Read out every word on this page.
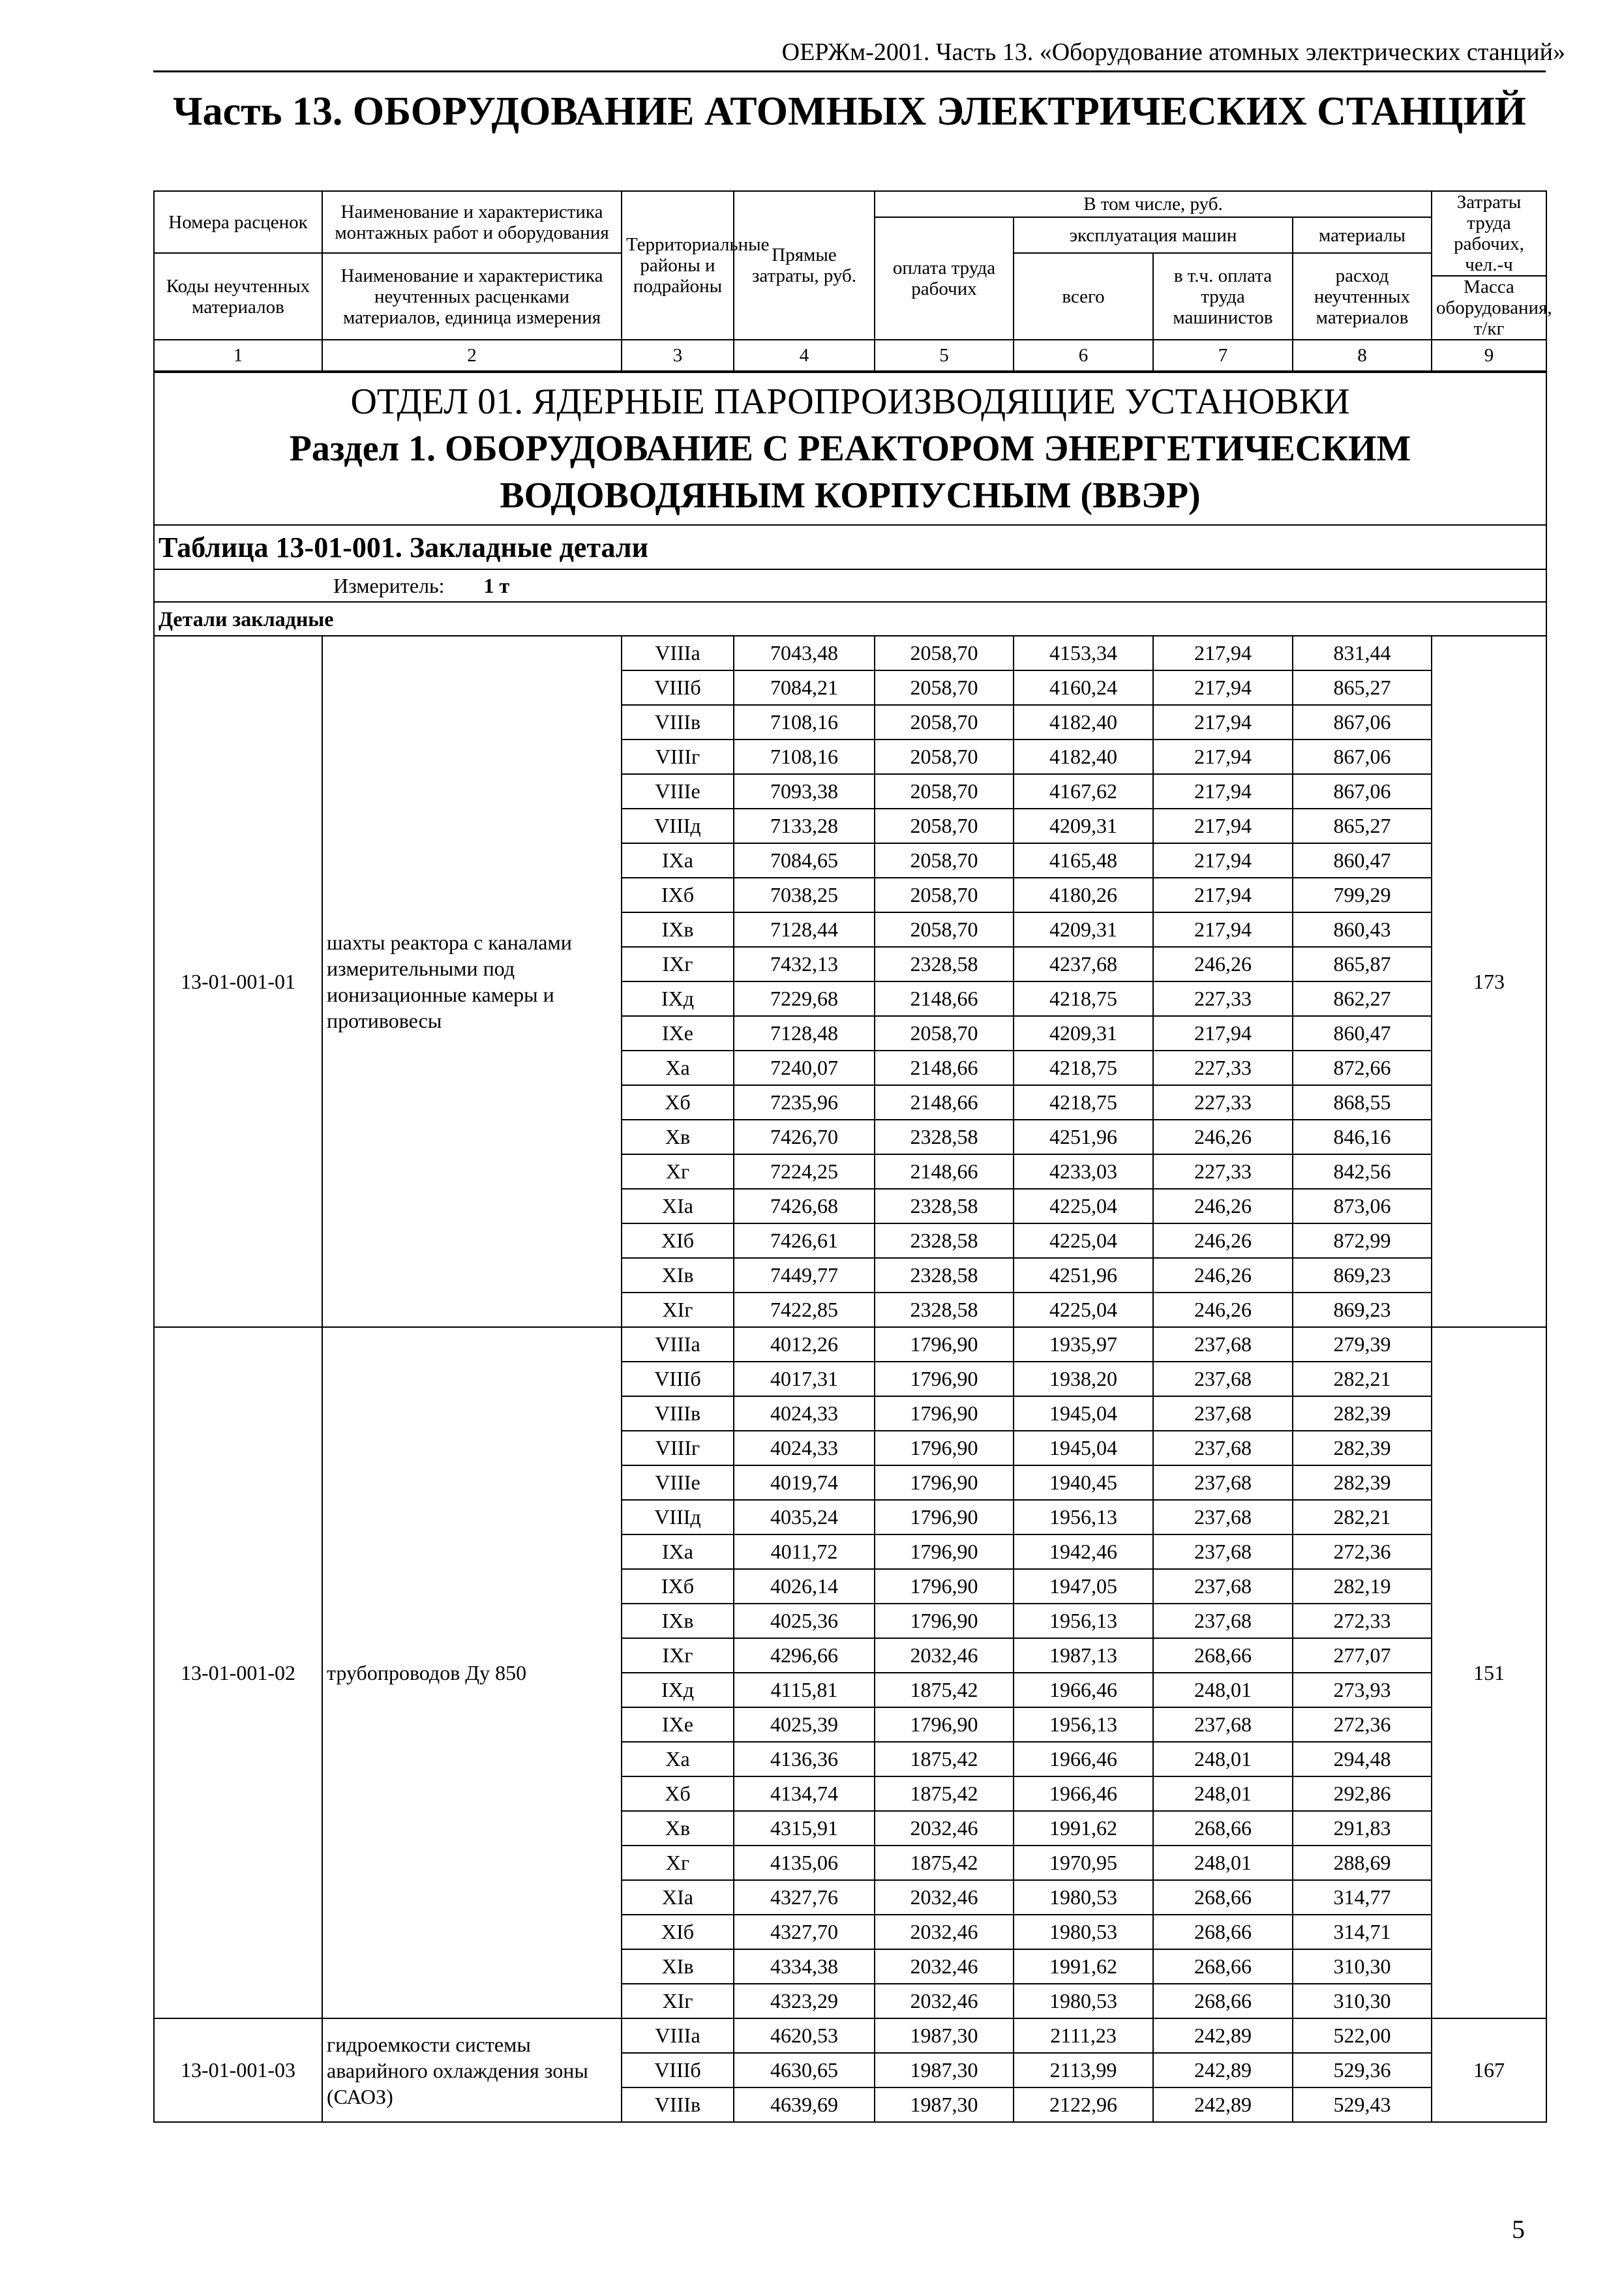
ОЕРЖм-2001. Часть 13. «Оборудование атомных электрических станций»
Часть 13. ОБОРУДОВАНИЕ АТОМНЫХ ЭЛЕКТРИЧЕСКИХ СТАНЦИЙ
Номера расценок	Наименование и характеристика монтажных работ и оборудования	Территориальные районы и подрайоны	Прямые затраты, руб.	В том числе, руб.				Затраты труда рабочих, чел.-ч
				оплата труда рабочих	эксплуатация машин		материалы	

Коды неучтенных материалов	Наименование и характеристика неучтенных расценками материалов, единица измерения				всего	в т.ч. оплата труда машинистов	расход неучтенных материалов	
								Масса оборудования, т/кг

1	2	3	4	5	6	7	8	9

ОТДЕЛ 01. ЯДЕРНЫЕ ПАРОПРОИЗВОДЯЩИЕ УСТАНОВКИ
Раздел 1. ОБОРУДОВАНИЕ С РЕАКТОРОМ ЭНЕРГЕТИЧЕСКИМ ВОДОВОДЯНЫМ КОРПУСНЫМ (ВВЭР)								

Таблица 13-01-001. Закладные детали								
Измеритель: 1 т								
Детали закладные								
13-01-001-01	шахты реактора с каналами измерительными под ионизационные камеры и противовесы	VIIIа	7043,48	2058,70	4153,34	217,94	831,44	173
		VIIIб	7084,21	2058,70	4160,24	217,94	865,27	
		VIIIв	7108,16	2058,70	4182,40	217,94	867,06	
		VIIIг	7108,16	2058,70	4182,40	217,94	867,06	
		VIIIе	7093,38	2058,70	4167,62	217,94	867,06	
		VIIIд	7133,28	2058,70	4209,31	217,94	865,27	
		IXа	7084,65	2058,70	4165,48	217,94	860,47	
		IXб	7038,25	2058,70	4180,26	217,94	799,29	
		IXв	7128,44	2058,70	4209,31	217,94	860,43	
		IXг	7432,13	2328,58	4237,68	246,26	865,87	
		IXд	7229,68	2148,66	4218,75	227,33	862,27	
		IXе	7128,48	2058,70	4209,31	217,94	860,47	
		Xа	7240,07	2148,66	4218,75	227,33	872,66	
		Xб	7235,96	2148,66	4218,75	227,33	868,55	
		Xв	7426,70	2328,58	4251,96	246,26	846,16	
		Xг	7224,25	2148,66	4233,03	227,33	842,56	
		XIа	7426,68	2328,58	4225,04	246,26	873,06	
		XIб	7426,61	2328,58	4225,04	246,26	872,99	
		XIв	7449,77	2328,58	4251,96	246,26	869,23	
		XIг	7422,85	2328,58	4225,04	246,26	869,23	
13-01-001-02	трубопроводов Ду 850	VIIIа	4012,26	1796,90	1935,97	237,68	279,39	151
		VIIIб	4017,31	1796,90	1938,20	237,68	282,21	
		VIIIв	4024,33	1796,90	1945,04	237,68	282,39	
		VIIIг	4024,33	1796,90	1945,04	237,68	282,39	
		VIIIе	4019,74	1796,90	1940,45	237,68	282,39	
		VIIIд	4035,24	1796,90	1956,13	237,68	282,21	
		IXа	4011,72	1796,90	1942,46	237,68	272,36	
		IXб	4026,14	1796,90	1947,05	237,68	282,19	
		IXв	4025,36	1796,90	1956,13	237,68	272,33	
		IXг	4296,66	2032,46	1987,13	268,66	277,07	
		IXд	4115,81	1875,42	1966,46	248,01	273,93	
		IXе	4025,39	1796,90	1956,13	237,68	272,36	
		Xа	4136,36	1875,42	1966,46	248,01	294,48	
		Xб	4134,74	1875,42	1966,46	248,01	292,86	
		Xв	4315,91	2032,46	1991,62	268,66	291,83	
		Xг	4135,06	1875,42	1970,95	248,01	288,69	
		XIа	4327,76	2032,46	1980,53	268,66	314,77	
		XIб	4327,70	2032,46	1980,53	268,66	314,71	
		XIв	4334,38	2032,46	1991,62	268,66	310,30	
		XIг	4323,29	2032,46	1980,53	268,66	310,30	
13-01-001-03	гидроемкости системы аварийного охлаждения зоны (САОЗ)	VIIIа	4620,53	1987,30	2111,23	242,89	522,00	167
		VIIIб	4630,65	1987,30	2113,99	242,89	529,36	
		VIIIв	4639,69	1987,30	2122,96	242,89	529,43	
5
